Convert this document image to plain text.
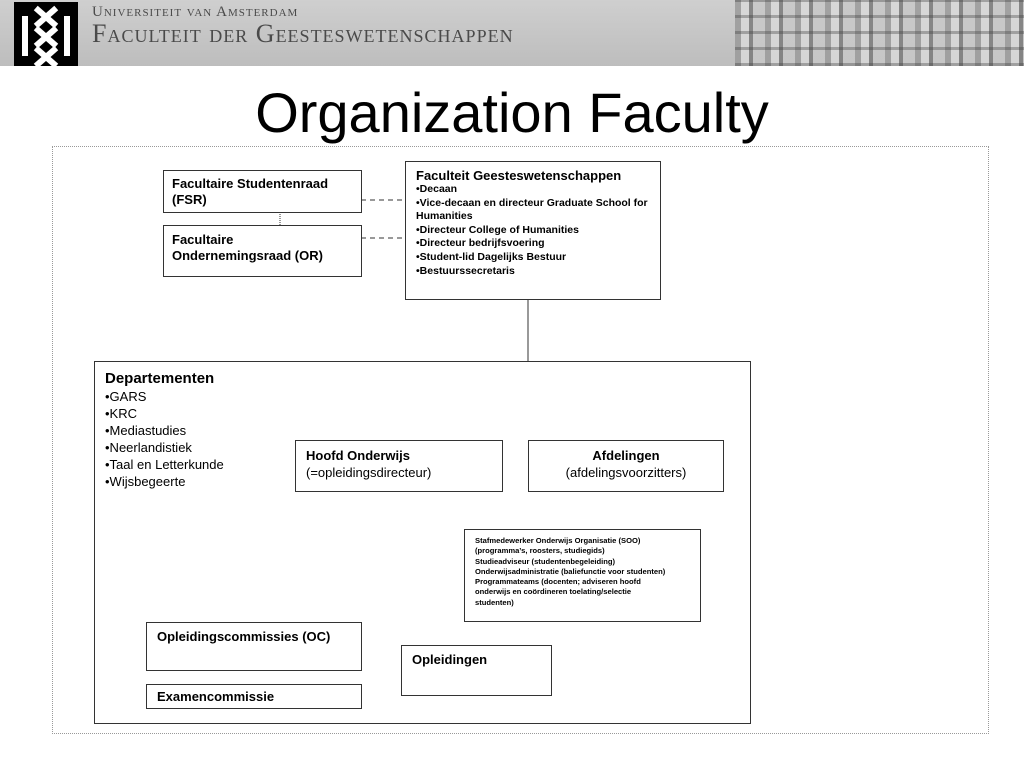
Universiteit van Amsterdam
Faculteit der Geesteswetenschappen
Organization Faculty
Facultaire Studentenraad (FSR)
Facultaire Ondernemingsraad (OR)
Faculteit Geesteswetenschappen
•Decaan
•Vice-decaan en directeur Graduate School for Humanities
•Directeur College of Humanities
•Directeur bedrijfsvoering
•Student-lid Dagelijks Bestuur
•Bestuurssecretaris
Departementen
•GARS
•KRC
•Mediastudies
•Neerlandistiek
•Taal en Letterkunde
•Wijsbegeerte
Hoofd Onderwijs
(=opleidingsdirecteur)
Afdelingen
(afdelingsvoorzitters)
Stafmedewerker Onderwijs Organisatie (SOO)
(programma’s, roosters, studiegids)
Studieadviseur (studentenbegeleiding)
Onderwijsadministratie (baliefunctie voor studenten)
Programmateams (docenten; adviseren hoofd
onderwijs en coördineren toelating/selectie
studenten)
Opleidingscommissies (OC)
Examencommissie
Opleidingen
